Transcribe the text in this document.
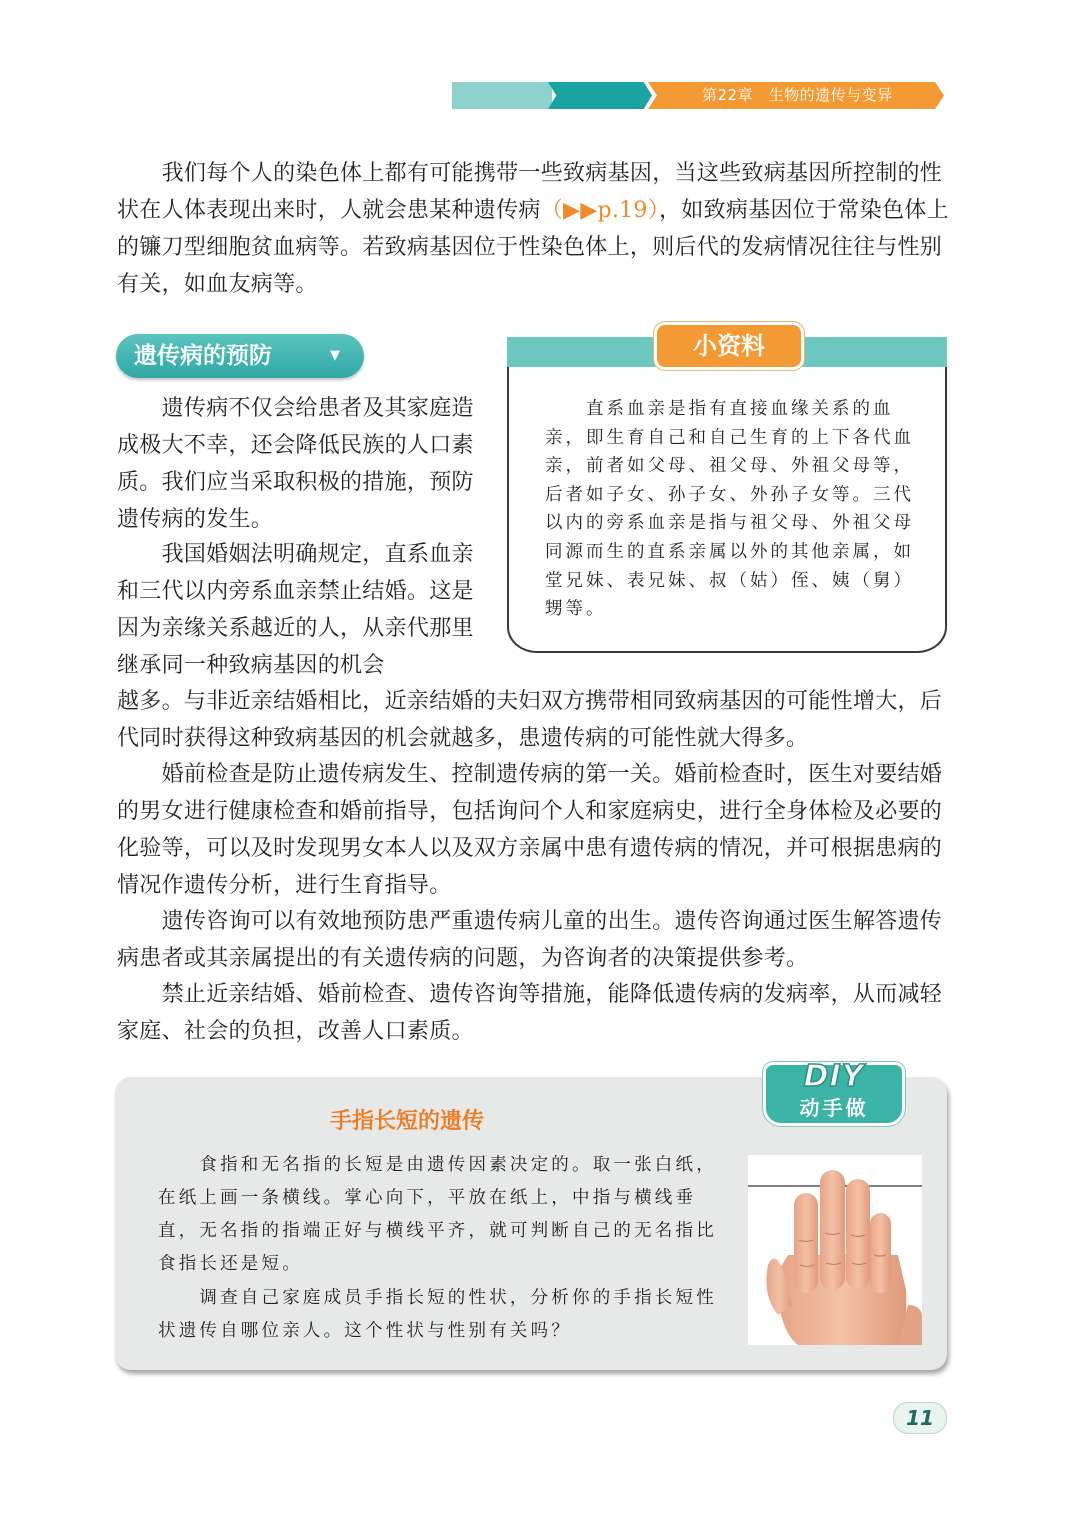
第22章　生物的遗传与变异

　　我们每个人的染色体上都有可能携带一些致病基因，当这些致病基因所控制的性状在人体表现出来时，人就会患某种遗传病（▶▶p.19），如致病基因位于常染色体上的镰刀型细胞贫血病等。若致病基因位于性染色体上，则后代的发病情况往往与性别有关，如血友病等。

遗传病的预防	▼

　　遗传病不仅会给患者及其家庭造成极大不幸，还会降低民族的人口素质。我们应当采取积极的措施，预防遗传病的发生。

　　我国婚姻法明确规定，直系血亲和三代以内旁系血亲禁止结婚。这是因为亲缘关系越近的人，从亲代那里继承同一种致病基因的机会

越多。与非近亲结婚相比，近亲结婚的夫妇双方携带相同致病基因的可能性增大，后代同时获得这种致病基因的机会就越多，患遗传病的可能性就大得多。

　　婚前检查是防止遗传病发生、控制遗传病的第一关。婚前检查时，医生对要结婚的男女进行健康检查和婚前指导，包括询问个人和家庭病史，进行全身体检及必要的化验等，可以及时发现男女本人以及双方亲属中患有遗传病的情况，并可根据患病的情况作遗传分析，进行生育指导。

　　遗传咨询可以有效地预防患严重遗传病儿童的出生。遗传咨询通过医生解答遗传病患者或其亲属提出的有关遗传病的问题，为咨询者的决策提供参考。

　　禁止近亲结婚、婚前检查、遗传咨询等措施，能降低遗传病的发病率，从而减轻家庭、社会的负担，改善人口素质。

小资料

　　直系血亲是指有直接血缘关系的血亲，即生育自己和自己生育的上下各代血亲，前者如父母、祖父母、外祖父母等，后者如子女、孙子女、外孙子女等。三代以内的旁系血亲是指与祖父母、外祖父母同源而生的直系亲属以外的其他亲属，如堂兄妹、表兄妹、叔（姑）侄、姨（舅）甥等。

DIY
动手做
手指长短的遗传

　　食指和无名指的长短是由遗传因素决定的。取一张白纸，在纸上画一条横线。掌心向下，平放在纸上，中指与横线垂直，无名指的指端正好与横线平齐，就可判断自己的无名指比食指长还是短。

　　调查自己家庭成员手指长短的性状，分析你的手指长短性状遗传自哪位亲人。这个性状与性别有关吗？

11
